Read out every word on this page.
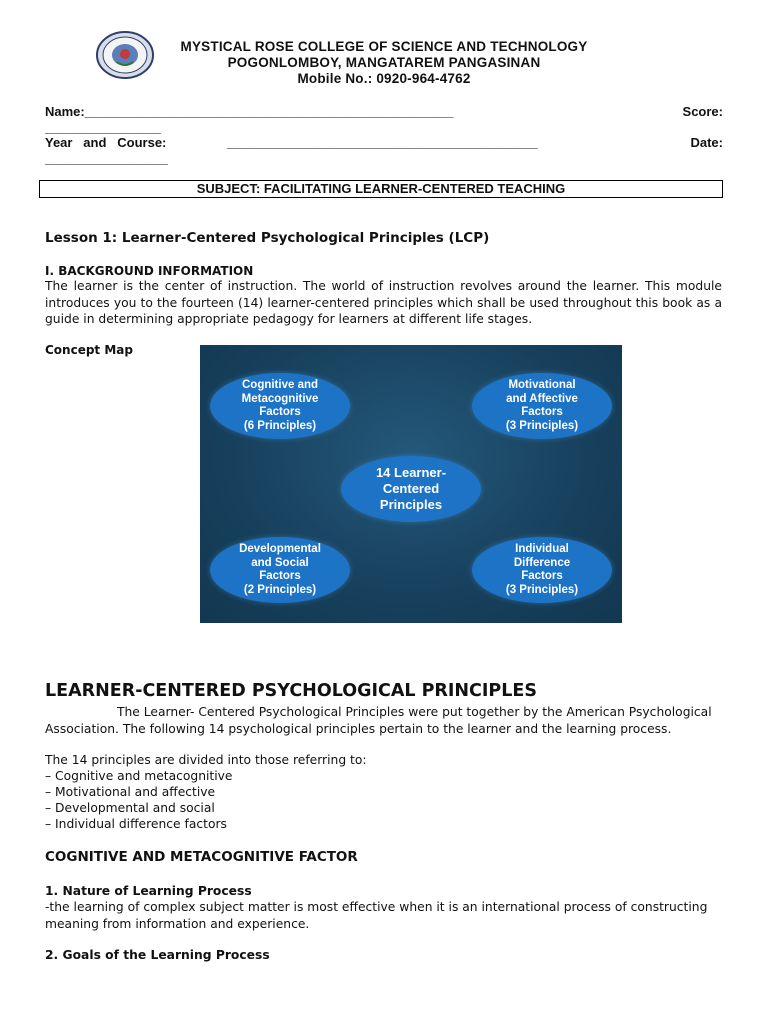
MYSTICAL ROSE COLLEGE OF SCIENCE AND TECHNOLOGY
POGONLOMBOY, MANGATAREM PANGASINAN
Mobile No.: 0920-964-4762
Name:___________________________________________________	Score:
________________
Year   and   Course:	___________________________________________	Date:
_________________
SUBJECT: FACILITATING LEARNER-CENTERED TEACHING
Lesson 1: Learner-Centered Psychological Principles (LCP)
I. BACKGROUND INFORMATION
The learner is the center of instruction. The world of instruction revolves around the learner. This module introduces you to the fourteen (14) learner-centered principles which shall be used throughout this book as a guide in determining appropriate pedagogy for learners at different life stages.
Concept Map
Cognitive and
Metacognitive
Factors
(6 Principles)
Motivational
and Affective
Factors
(3 Principles)
14 Learner-
Centered
Principles
Developmental
and Social
Factors
(2 Principles)
Individual
Difference
Factors
(3 Principles)
LEARNER-CENTERED PSYCHOLOGICAL PRINCIPLES
The Learner- Centered Psychological Principles were put together by the American Psychological Association. The following 14 psychological principles pertain to the learner and the learning process.
The 14 principles are divided into those referring to:
– Cognitive and metacognitive
– Motivational and affective
– Developmental and social
– Individual difference factors
COGNITIVE AND METACOGNITIVE FACTOR
1. Nature of Learning Process
-the learning of complex subject matter is most effective when it is an international process of constructing meaning from information and experience.
2. Goals of the Learning Process
